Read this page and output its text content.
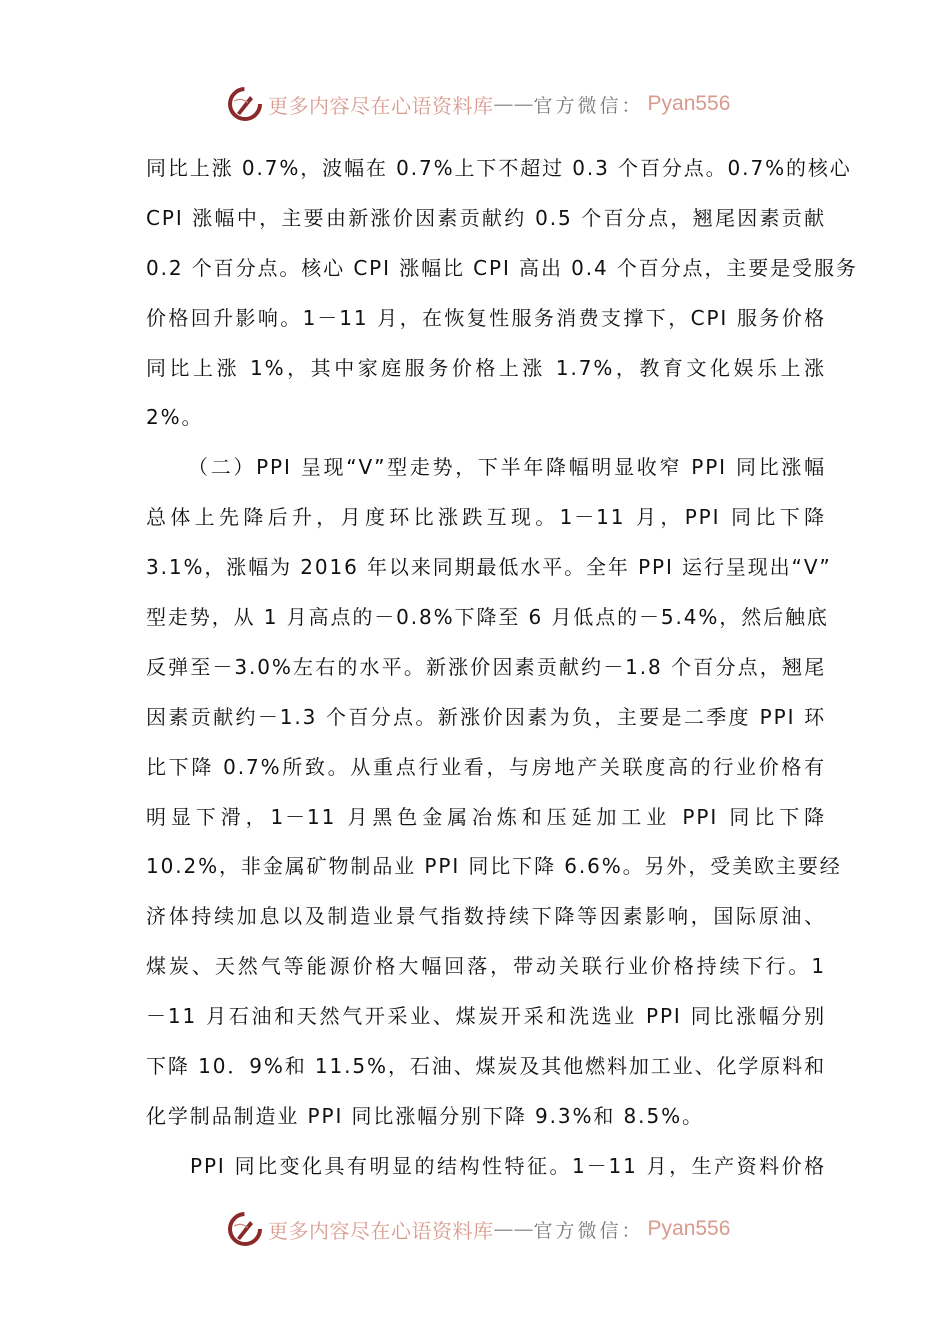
更多内容尽在心语资料库 —— 官方微信： Pyan556
同比上涨 0.7%，波幅在 0.7%上下不超过 0.3 个百分点。0.7%的核心
CPI 涨幅中，主要由新涨价因素贡献约 0.5 个百分点，翘尾因素贡献
0.2 个百分点。核心 CPI 涨幅比 CPI 高出 0.4 个百分点，主要是受服务
价格回升影响。1－11 月，在恢复性服务消费支撑下，CPI 服务价格
同比上涨 1%，其中家庭服务价格上涨 1.7%，教育文化娱乐上涨
2%。
（二）PPI 呈现“V”型走势，下半年降幅明显收窄 PPI 同比涨幅
总体上先降后升，月度环比涨跌互现。1－11 月，PPI 同比下降
3.1%，涨幅为 2016 年以来同期最低水平。全年 PPI 运行呈现出“V”
型走势，从 1 月高点的－0.8%下降至 6 月低点的－5.4%，然后触底
反弹至－3.0%左右的水平。新涨价因素贡献约－1.8 个百分点，翘尾
因素贡献约－1.3 个百分点。新涨价因素为负，主要是二季度 PPI 环
比下降 0.7%所致。从重点行业看，与房地产关联度高的行业价格有
明显下滑，1－11 月黑色金属冶炼和压延加工业 PPI 同比下降
10.2%，非金属矿物制品业 PPI 同比下降 6.6%。另外，受美欧主要经
济体持续加息以及制造业景气指数持续下降等因素影响，国际原油、
煤炭、天然气等能源价格大幅回落，带动关联行业价格持续下行。1
－11 月石油和天然气开采业、煤炭开采和洗选业 PPI 同比涨幅分别
下降 10．9%和 11.5%，石油、煤炭及其他燃料加工业、化学原料和
化学制品制造业 PPI 同比涨幅分别下降 9.3%和 8.5%。
PPI 同比变化具有明显的结构性特征。1－11 月，生产资料价格
更多内容尽在心语资料库 —— 官方微信： Pyan556
